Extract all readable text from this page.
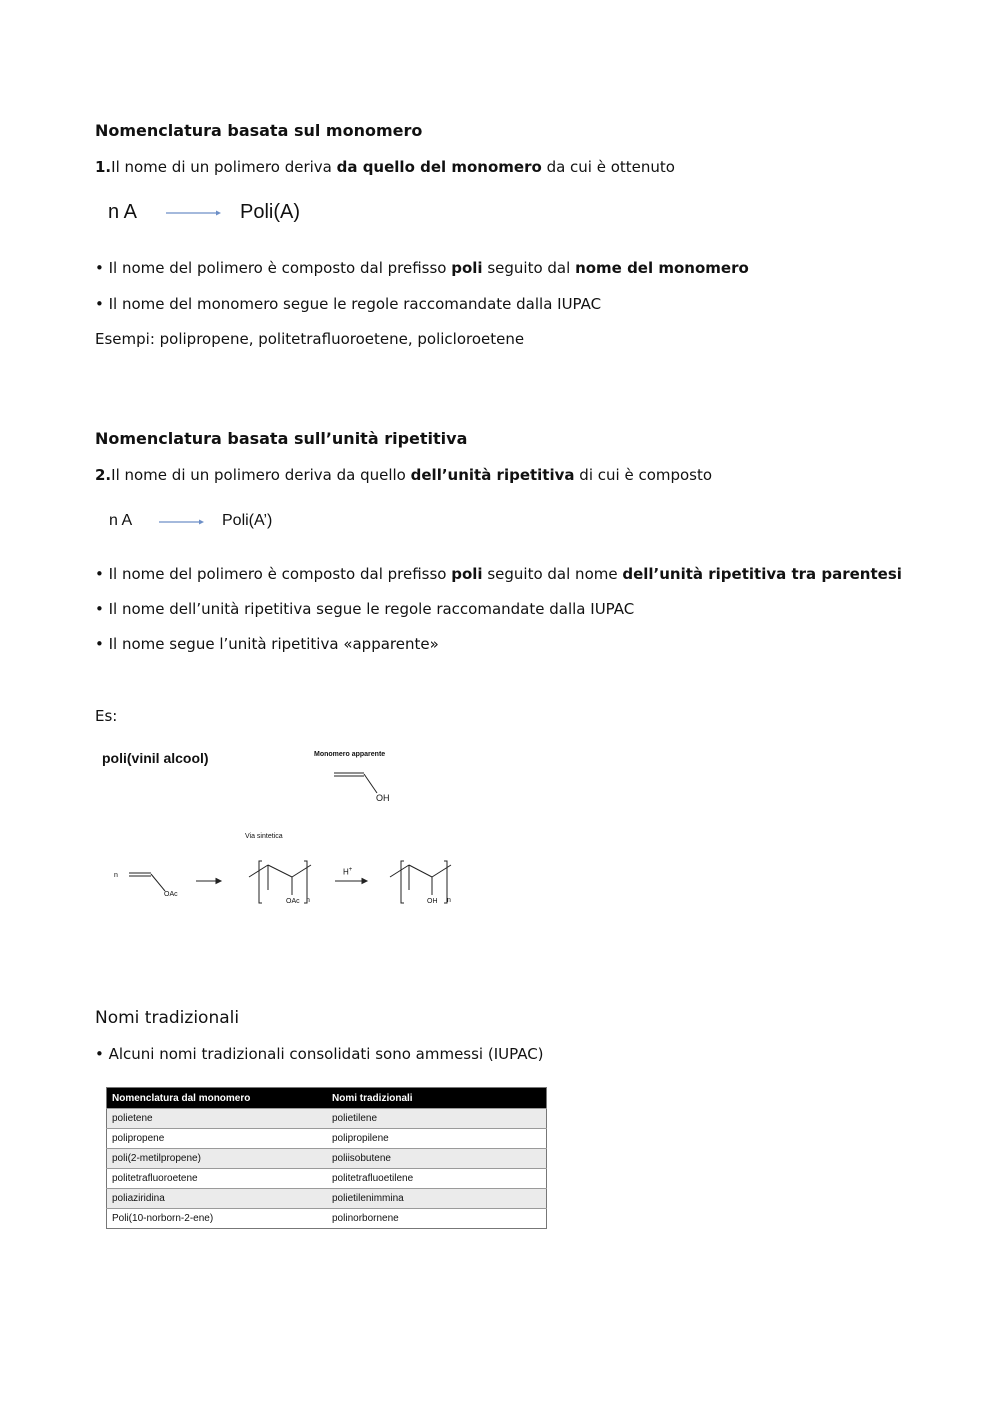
Nomenclatura basata sul monomero
1.Il nome di un polimero deriva da quello del monomero da cui è ottenuto
n A	Poli(A)
• Il nome del polimero è composto dal prefisso poli seguito dal nome del monomero
• Il nome del monomero segue le regole raccomandate dalla IUPAC
Esempi: polipropene, politetrafluoroetene, policloroetene
Nomenclatura basata sull’unità ripetitiva
2.Il nome di un polimero deriva da quello dell’unità ripetitiva di cui è composto
n A	Poli(A’)
• Il nome del polimero è composto dal prefisso poli seguito dal nome dell’unità ripetitiva tra parentesi
• Il nome dell’unità ripetitiva segue le regole raccomandate dalla IUPAC
• Il nome segue l’unità ripetitiva «apparente»
Es:
poli(vinil alcool)	Monomero apparente
OH
Via sintetica
n
OAc
OAc n
H+
OH n
Nomi tradizionali
• Alcuni nomi tradizionali consolidati sono ammessi (IUPAC)
Nomenclatura dal monomero	Nomi tradizionali
polietene	polietilene
polipropene	polipropilene
poli(2-metilpropene)	poliisobutene
politetrafluoroetene	politetrafluoetilene
poliaziridina	polietilenimmina
Poli(10-norborn-2-ene)	polinorbornene
